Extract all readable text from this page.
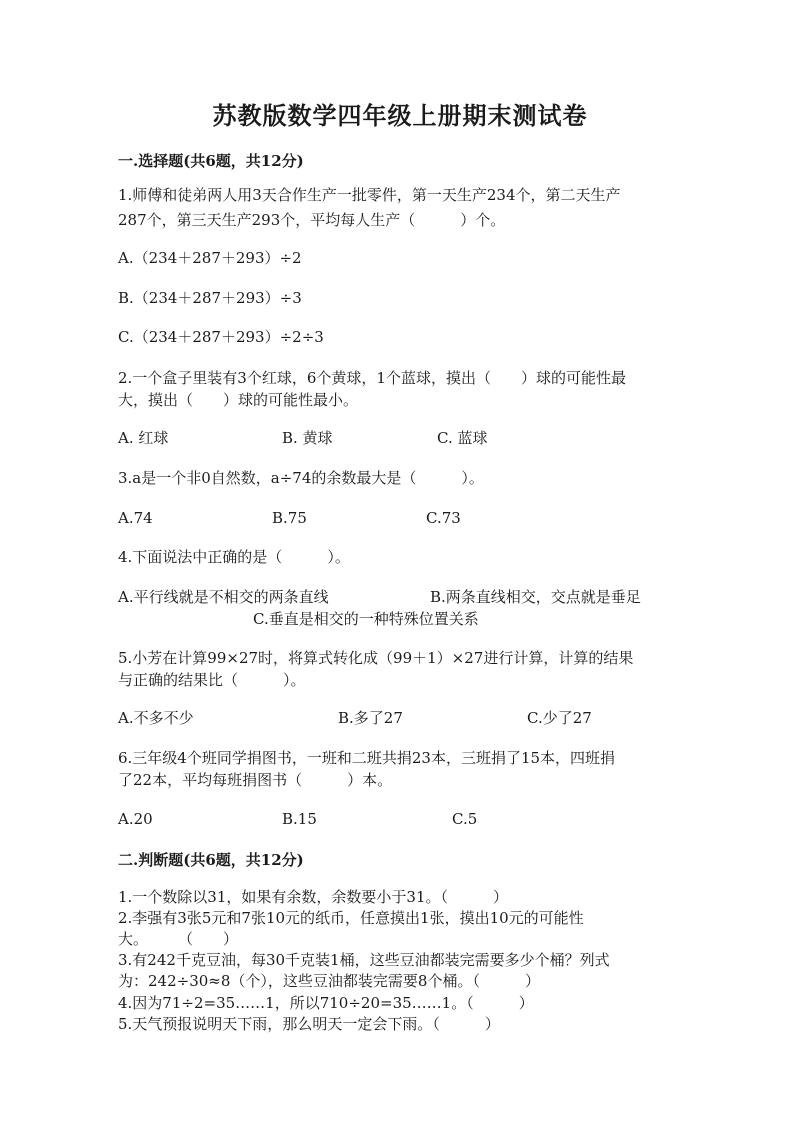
苏教版数学四年级上册期末测试卷
一.选择题(共6题，共12分)
1.师傅和徒弟两人用3天合作生产一批零件，第一天生产234个，第二天生产
287个，第三天生产293个，平均每人生产（　　　）个。
A.（234＋287＋293）÷2
B.（234＋287＋293）÷3
C.（234＋287＋293）÷2÷3
2.一个盒子里装有3个红球，6个黄球，1个蓝球，摸出（　　）球的可能性最
大，摸出（　　）球的可能性最小。
A. 红球	B. 黄球	C. 蓝球
3.a是一个非0自然数，a÷74的余数最大是（　　　）。
A.74	B.75	C.73
4.下面说法中正确的是（　　　）。
A.平行线就是不相交的两条直线	B.两条直线相交，交点就是垂足
C.垂直是相交的一种特殊位置关系
5.小芳在计算99×27时，将算式转化成（99＋1）×27进行计算，计算的结果
与正确的结果比（　　　）。
A.不多不少	B.多了27	C.少了27
6.三年级4个班同学捐图书，一班和二班共捐23本，三班捐了15本，四班捐
了22本，平均每班捐图书（　　　）本。
A.20	B.15	C.5
二.判断题(共6题，共12分)
1.一个数除以31，如果有余数，余数要小于31。（　　　）
2.李强有3张5元和7张10元的纸币，任意摸出1张，摸出10元的可能性
大。　　　（　　）
3.有242千克豆油，每30千克装1桶，这些豆油都装完需要多少个桶？列式
为：242÷30≈8（个），这些豆油都装完需要8个桶。（　　　）
4.因为71÷2=35……1，所以710÷20=35……1。（　　　）
5.天气预报说明天下雨，那么明天一定会下雨。（　　　）
